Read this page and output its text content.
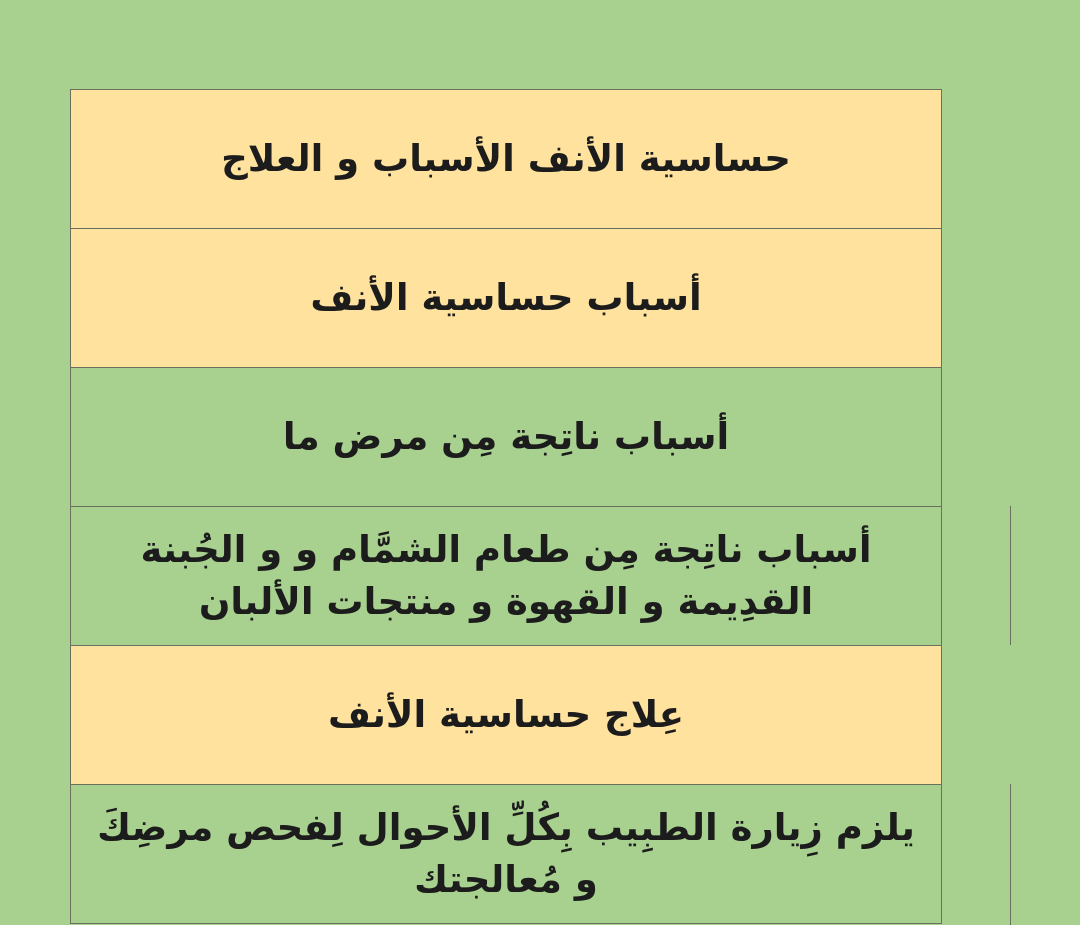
حساسية الأنف الأسباب و العلاج
أسباب حساسية الأنف
أسباب ناتِجة مِن مرض ما
أسباب ناتِجة مِن طعام الشمَّام و و الجُبنة القدِيمة و القهوة و منتجات الألبان
عِلاج حساسية الأنف
يلزم زِيارة الطبِيب بِكُلِّ الأحوال لِفحص مرضِكَ و مُعالجتك
